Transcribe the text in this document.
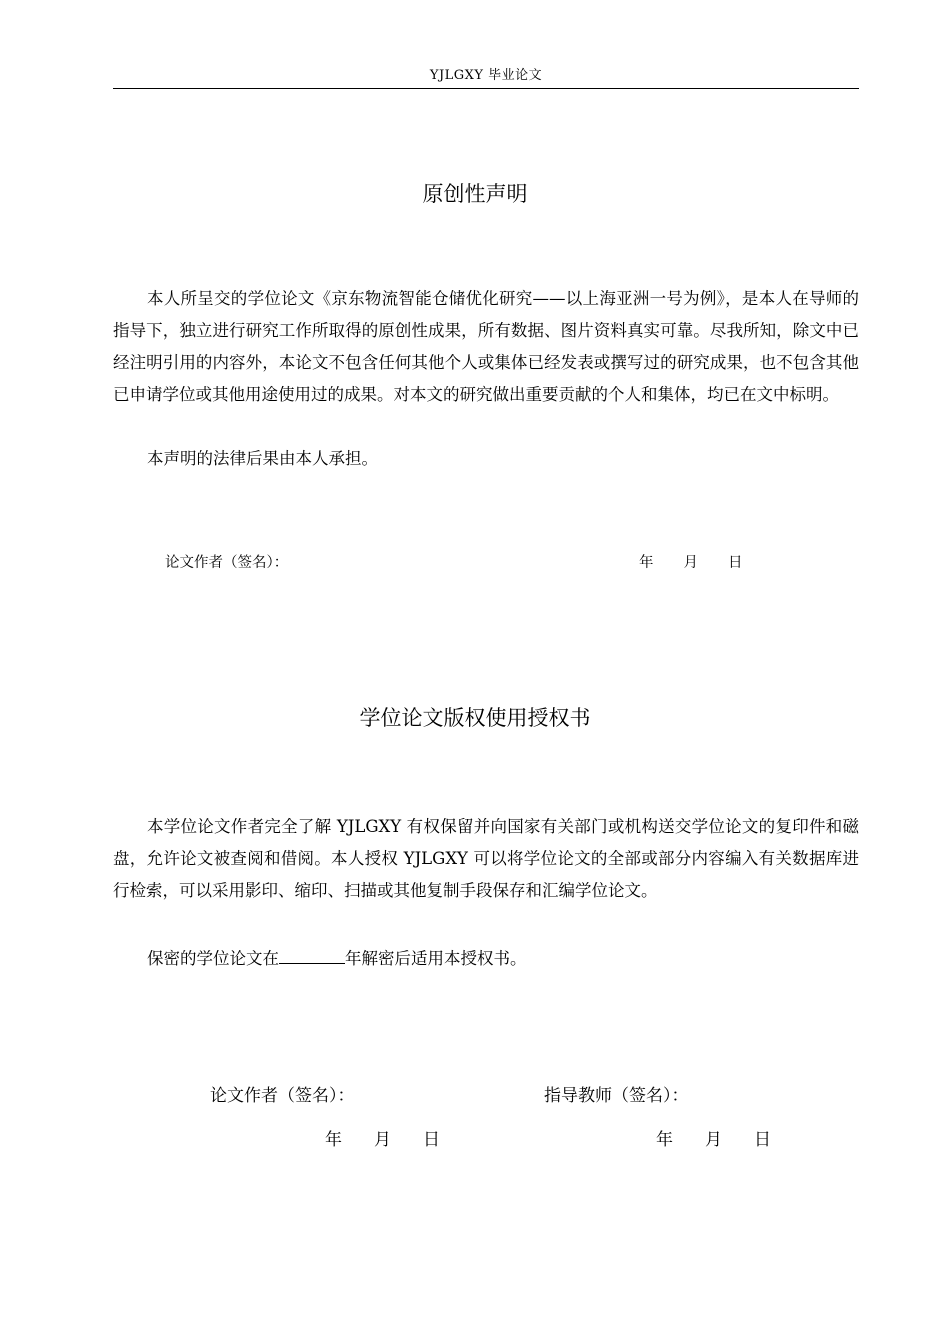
YJLGXY 毕业论文
原创性声明

本人所呈交的学位论文《京东物流智能仓储优化研究——以上海亚洲一号为例》，是本人在导师的指导下，独立进行研究工作所取得的原创性成果，所有数据、图片资料真实可靠。尽我所知，除文中已经注明引用的内容外，本论文不包含任何其他个人或集体已经发表或撰写过的研究成果，也不包含其他已申请学位或其他用途使用过的成果。对本文的研究做出重要贡献的个人和集体，均已在文中标明。

本声明的法律后果由本人承担。

论文作者（签名）：	年 月 日
学位论文版权使用授权书

本学位论文作者完全了解 YJLGXY 有权保留并向国家有关部门或机构送交学位论文的复印件和磁盘，允许论文被查阅和借阅。本人授权 YJLGXY 可以将学位论文的全部或部分内容编入有关数据库进行检索，可以采用影印、缩印、扫描或其他复制手段保存和汇编学位论文。

保密的学位论文在	年解密后适用本授权书。

论文作者（签名）：	指导教师（签名）：
年 月 日	年 月 日
